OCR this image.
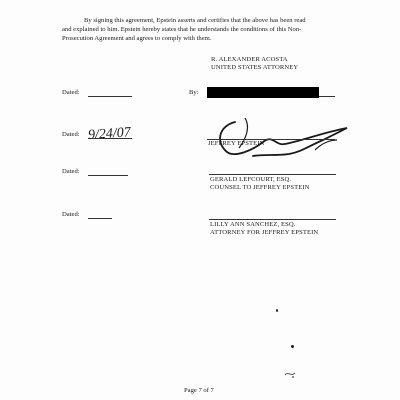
By signing this agreement, Epstein asserts and certifies that the above has been read
and explained to him. Epstein hereby states that he understands the conditions of this Non-
Prosecution Agreement and agrees to comply with them.
R. ALEXANDER ACOSTA
UNITED STATES ATTORNEY
Dated:	By:
Dated: 9/24/07
JEFFREY EPSTEIN
Dated:
GERALD LEFCOURT, ESQ.
COUNSEL TO JEFFREY EPSTEIN
Dated:
LILLY ANN SANCHEZ, ESQ.
ATTORNEY FOR JEFFREY EPSTEIN
Page 7 of 7
